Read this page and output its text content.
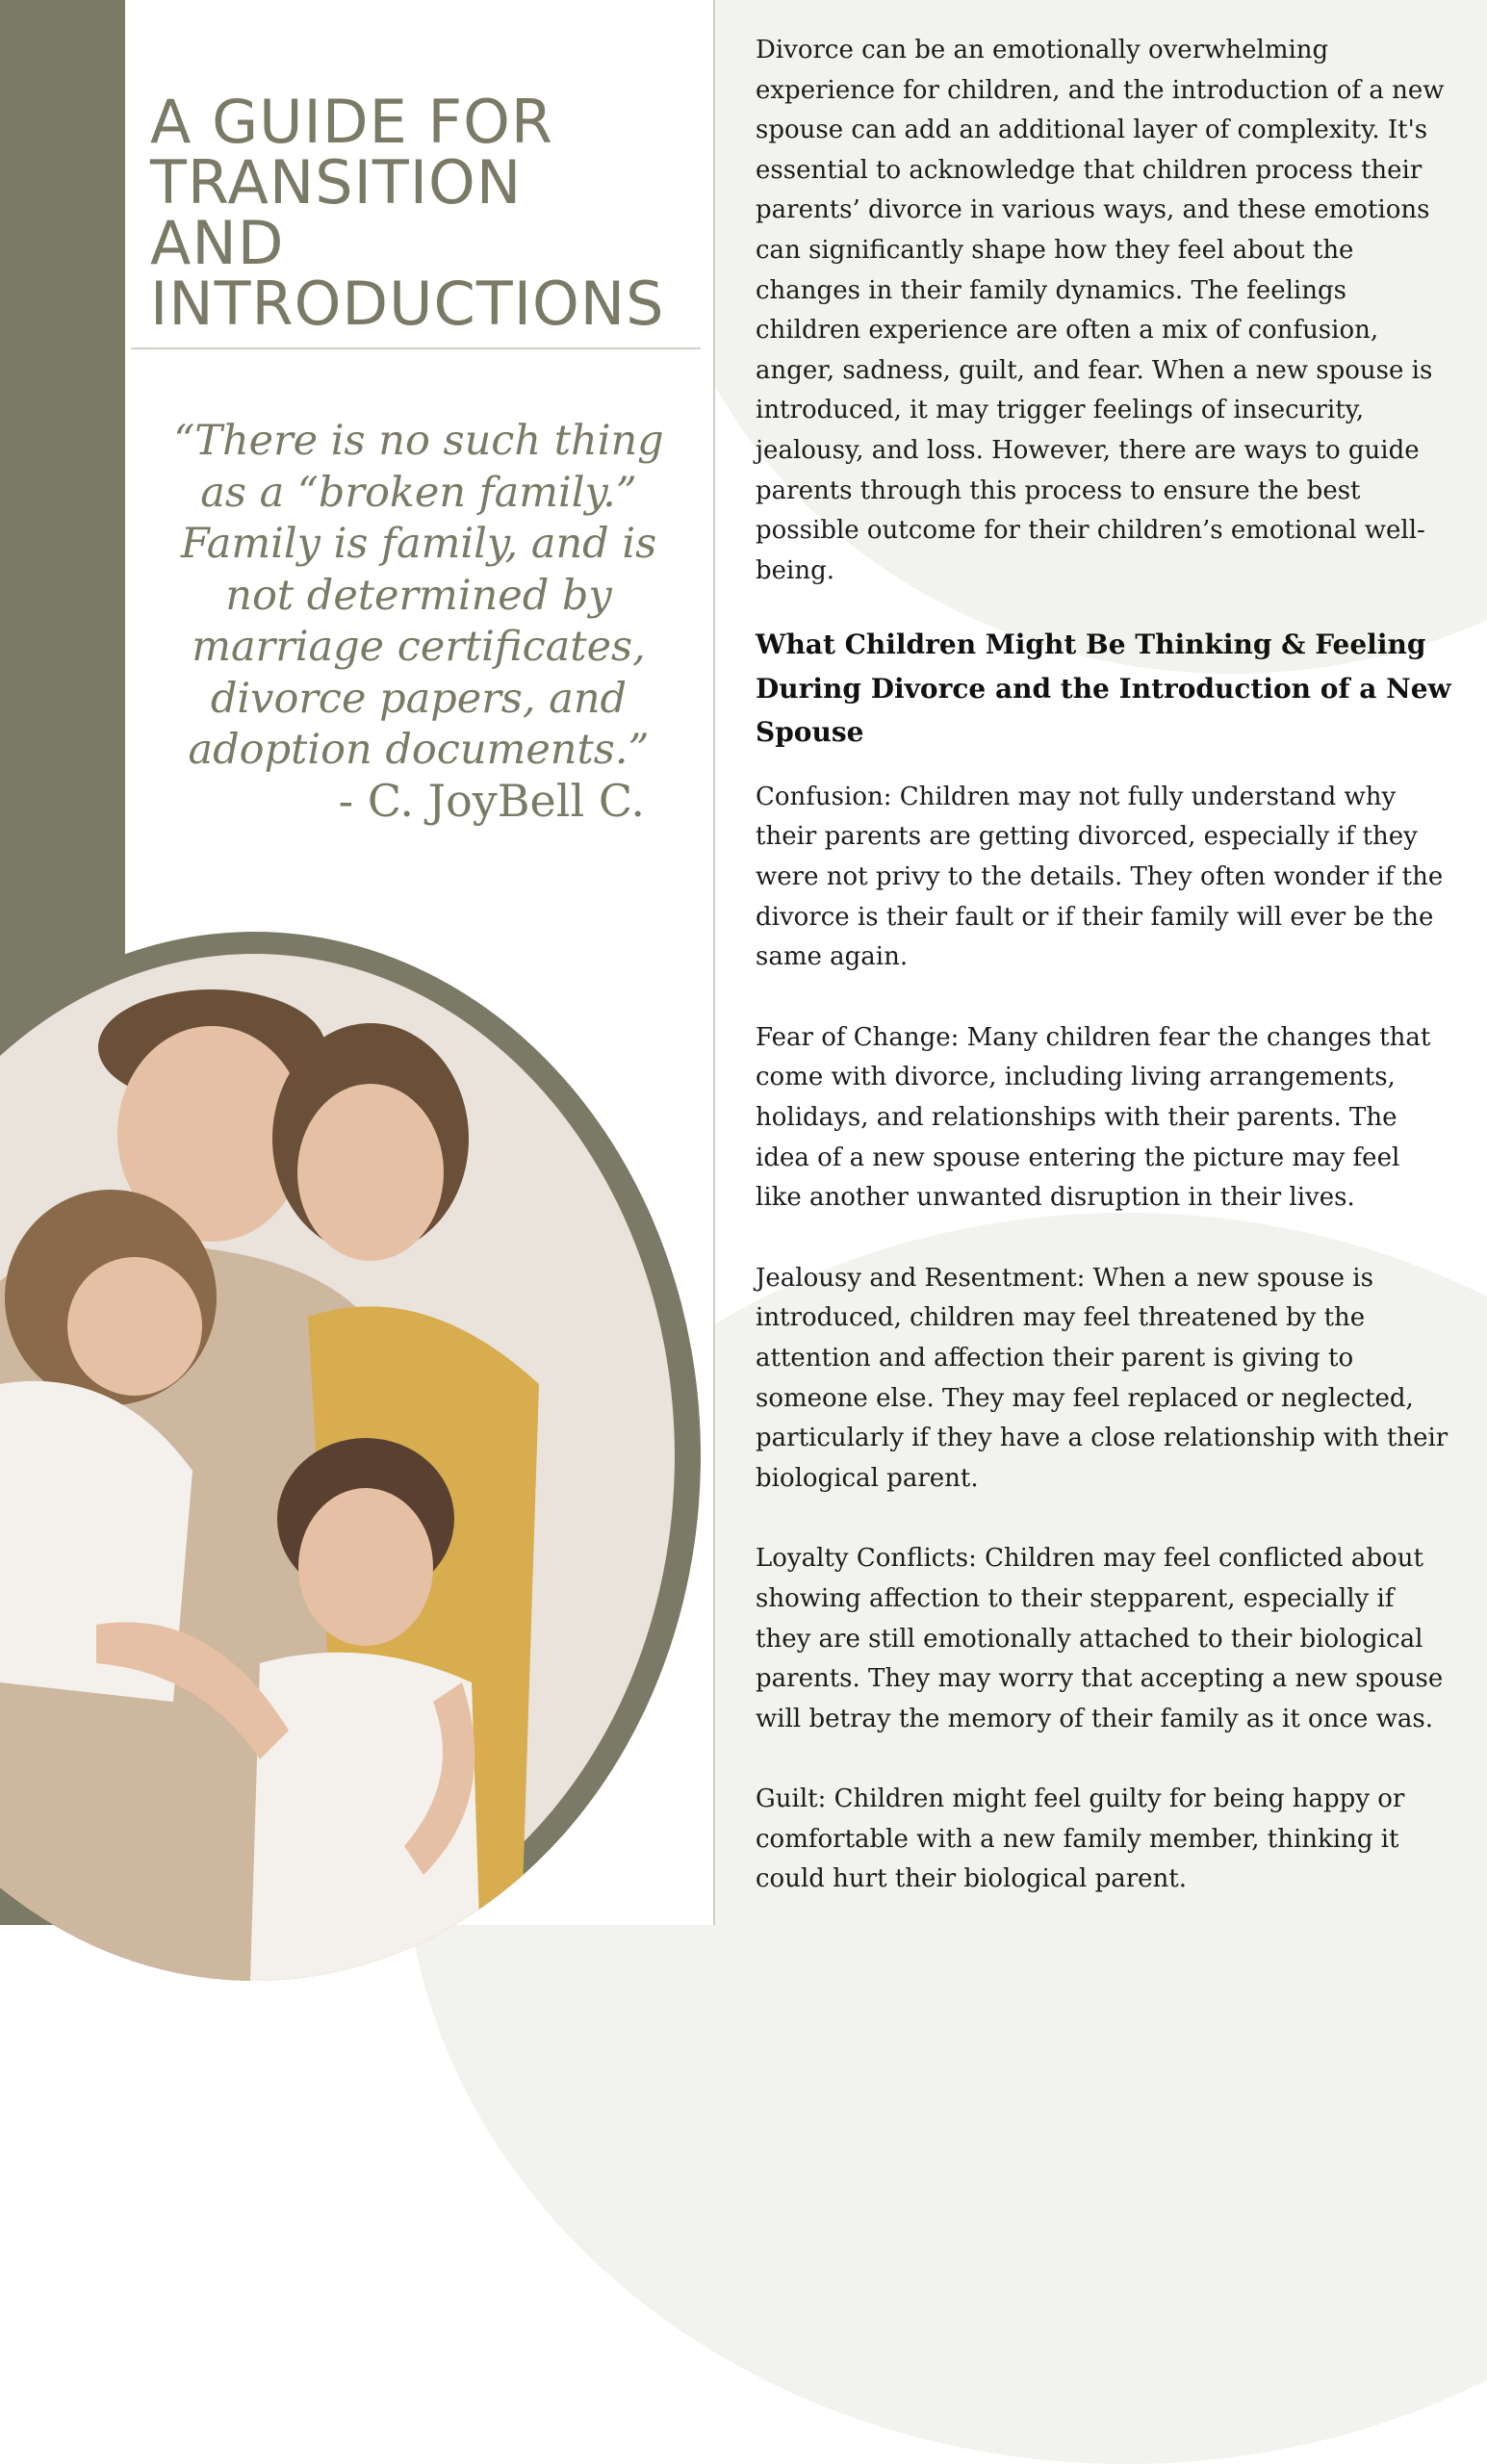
A GUIDE FOR
TRANSITION
AND
INTRODUCTIONS

“There is no such thing as a “broken family.” Family is family, and is not determined by marriage certificates, divorce papers, and adoption documents.”

- C. JoyBell C.

Divorce can be an emotionally overwhelming experience for children, and the introduction of a new spouse can add an additional layer of complexity. It's essential to acknowledge that children process their parents’ divorce in various ways, and these emotions can significantly shape how they feel about the changes in their family dynamics. The feelings children experience are often a mix of confusion, anger, sadness, guilt, and fear. When a new spouse is introduced, it may trigger feelings of insecurity, jealousy, and loss. However, there are ways to guide parents through this process to ensure the best possible outcome for their children’s emotional well-being.

What Children Might Be Thinking & Feeling During Divorce and the Introduction of a New Spouse

Confusion: Children may not fully understand why their parents are getting divorced, especially if they were not privy to the details. They often wonder if the divorce is their fault or if their family will ever be the same again.

Fear of Change: Many children fear the changes that come with divorce, including living arrangements, holidays, and relationships with their parents. The idea of a new spouse entering the picture may feel like another unwanted disruption in their lives.

Jealousy and Resentment: When a new spouse is introduced, children may feel threatened by the attention and affection their parent is giving to someone else. They may feel replaced or neglected, particularly if they have a close relationship with their biological parent.

Loyalty Conflicts: Children may feel conflicted about showing affection to their stepparent, especially if they are still emotionally attached to their biological parents. They may worry that accepting a new spouse will betray the memory of their family as it once was.

Guilt: Children might feel guilty for being happy or comfortable with a new family member, thinking it could hurt their biological parent.
